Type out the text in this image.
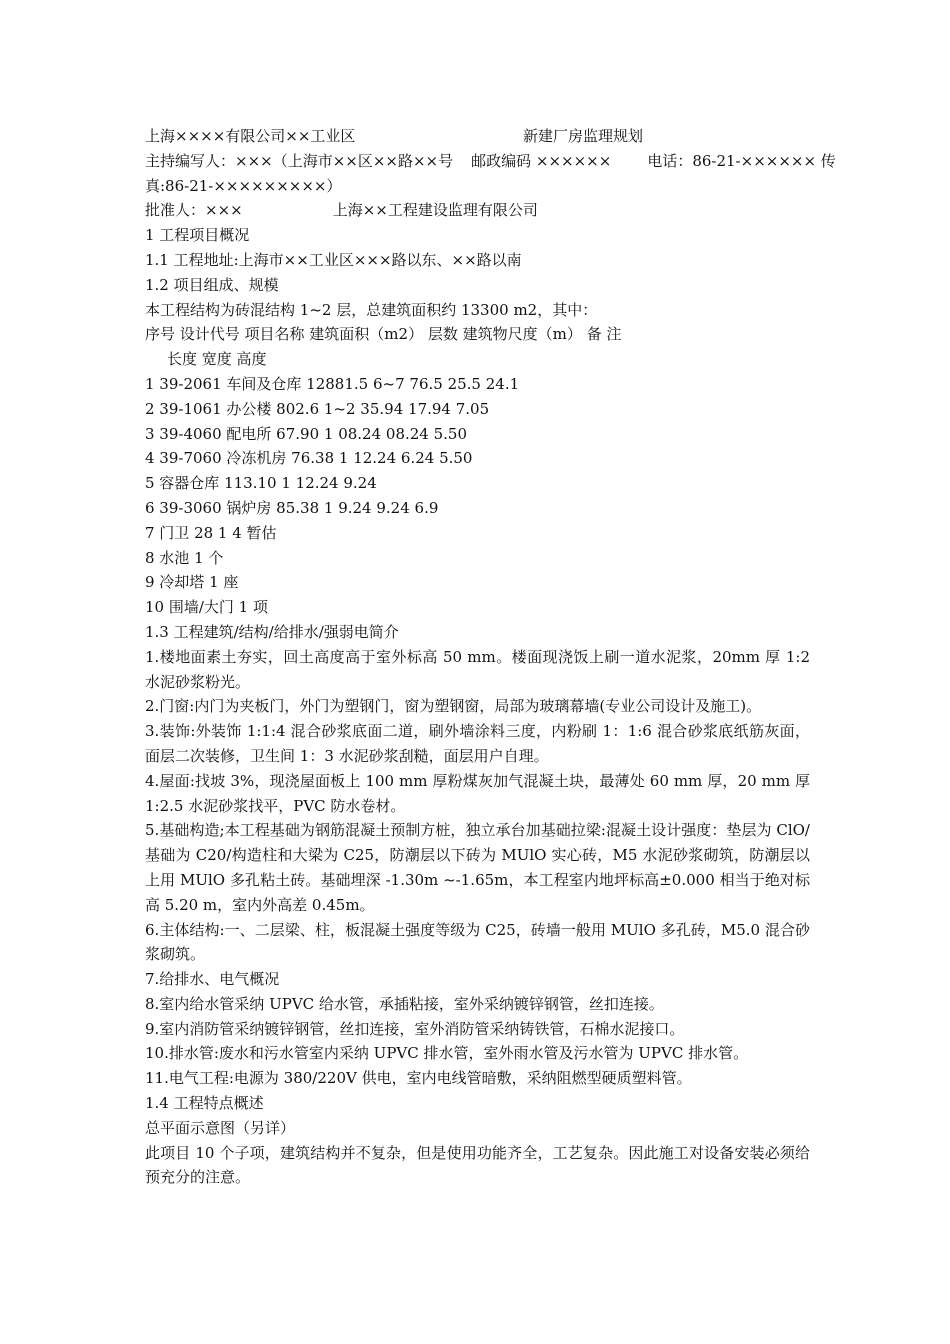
上海××××有限公司××工业区	新建厂房监理规划
主持编写人：×××（上海市××区××路××号 邮政编码 ×××××× 电话：86-21-×××××× 传
真:86-21-×××××××××）
批准人：×××	上海××工程建设监理有限公司
1 工程项目概况
1.1 工程地址:上海市××工业区×××路以东、××路以南
1.2 项目组成、规模
本工程结构为砖混结构 1~2 层，总建筑面积约 13300 m2，其中：
序号 设计代号 项目名称 建筑面积（m2） 层数 建筑物尺度（m） 备 注
长度 宽度 高度
1 39-2061 车间及仓库 12881.5 6~7 76.5 25.5 24.1
2 39-1061 办公楼 802.6 1~2 35.94 17.94 7.05
3 39-4060 配电所 67.90 1 08.24 08.24 5.50
4 39-7060 冷冻机房 76.38 1 12.24 6.24 5.50
5 容器仓库 113.10 1 12.24 9.24
6 39-3060 锅炉房 85.38 1 9.24 9.24 6.9
7 门卫 28 1 4 暂估
8 水池 1 个
9 冷却塔 1 座
10 围墙/大门 1 项
1.3 工程建筑/结构/给排水/强弱电简介
1.楼地面素土夯实，回土高度高于室外标高 50 mm。楼面现浇饭上刷一道水泥浆，20mm 厚 1:2 水泥砂浆粉光。
2.门窗:内门为夹板门，外门为塑钢门，窗为塑钢窗，局部为玻璃幕墙(专业公司设计及施工)。
3.装饰:外装饰 1:1:4 混合砂浆底面二道，刷外墙涂料三度，内粉刷 1：1:6 混合砂浆底纸筋灰面，面层二次装修，卫生间 1：3 水泥砂浆刮糙，面层用户自理。
4.屋面:找坡 3%，现浇屋面板上 100 mm 厚粉煤灰加气混凝土块，最薄处 60 mm 厚，20 mm 厚 1:2.5 水泥砂浆找平，PVC 防水卷材。
5.基础构造;本工程基础为钢筋混凝土预制方桩，独立承台加基础拉梁:混凝土设计强度：垫层为 ClO/基础为 C20/构造柱和大梁为 C25，防潮层以下砖为 MUlO 实心砖，M5 水泥砂浆砌筑，防潮层以上用 MUlO 多孔粘土砖。基础埋深 -1.30m ~-1.65m，本工程室内地坪标高±0.000 相当于绝对标高 5.20 m，室内外高差 0.45m。
6.主体结构:一、二层梁、柱，板混凝土强度等级为 C25，砖墙一般用 MUlO 多孔砖，M5.0 混合砂浆砌筑。
7.给排水、电气概况
8.室内给水管采纳 UPVC 给水管，承插粘接，室外采纳镀锌钢管，丝扣连接。
9.室内消防管采纳镀锌钢管，丝扣连接，室外消防管采纳铸铁管，石棉水泥接口。
10.排水管:废水和污水管室内采纳 UPVC 排水管，室外雨水管及污水管为 UPVC 排水管。
11.电气工程:电源为 380/220V 供电，室内电线管暗敷，采纳阻燃型硬质塑料管。
1.4 工程特点概述
总平面示意图（另详）
此项目 10 个子项，建筑结构并不复杂，但是使用功能齐全，工艺复杂。因此施工对设备安装必须给预充分的注意。
